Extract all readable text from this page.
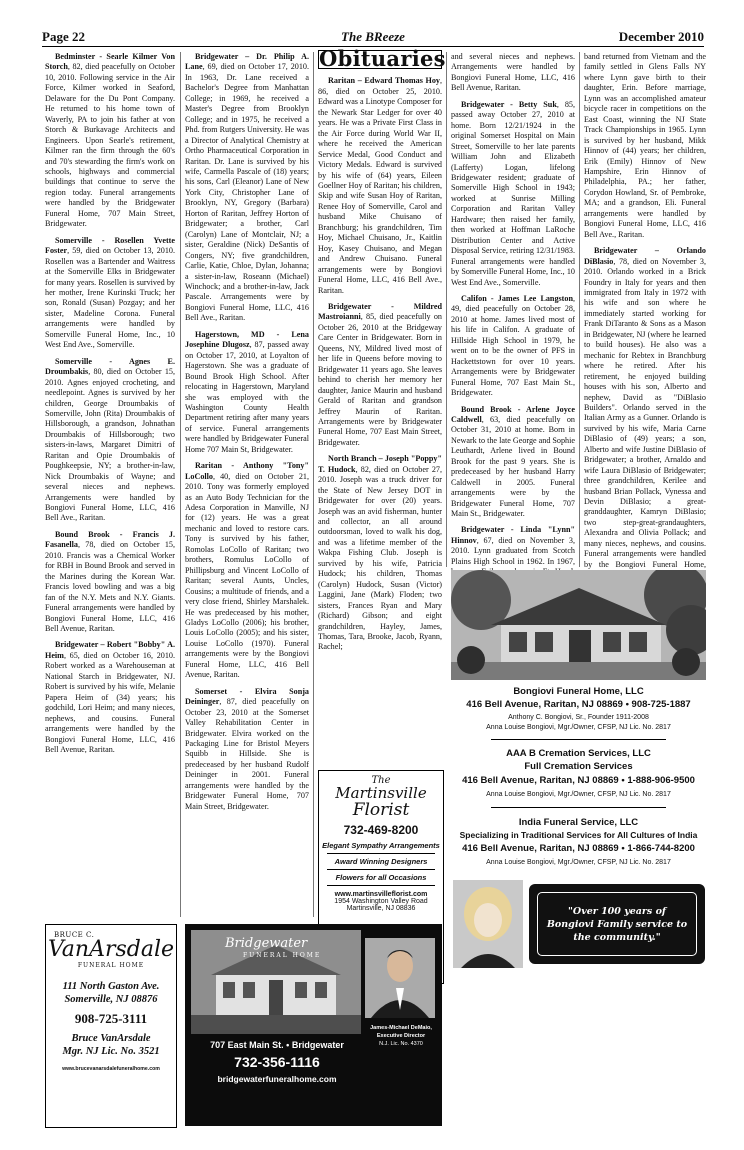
Page 22	The BReeze	December 2010

Bedminster - Searle Kilmer Von Storch, 82, died peacefully on October 10, 2010. Following service in the Air Force, Kilmer worked in Seaford, Delaware for the Du Pont Company. He returned to his home town of Waverly, PA to join his father at von Storch & Burkavage Architects and Engineers. Upon Searle's retirement, Kilmer ran the firm through the 60's and 70's stewarding the firm's work on schools, highways and commercial buildings that continue to serve the region today. Funeral arrangements were handled by the Bridgewater Funeral Home, 707 Main Street, Bridgewater.

Somerville - Rosellen Yvette Foster, 59, died on October 13, 2010. Rosellen was a Bartender and Waitress at the Somerville Elks in Bridgewater for many years. Rosellen is survived by her mother, Irene Kurinski Truck; her son, Ronald (Susan) Pozgay; and her sister, Madeline Corona. Funeral arrangements were handled by Somerville Funeral Home, Inc., 10 West End Ave., Somerville.

Somerville - Agnes E. Droumbakis, 80, died on October 15, 2010. Agnes enjoyed crocheting, and needlepoint. Agnes is survived by her children, George Droumbakis of Somerville, John (Rita) Droumbakis of Hillsborough, a grandson, Johnathan Droumbakis of Hillsborough; two sisters-in-laws, Margaret Dimitri of Raritan and Opie Droumbakis of Poughkeepsie, NY; a brother-in-law, Nick Droumbakis of Wayne; and several nieces and nephews. Arrangements were handled by Bongiovi Funeral Home, LLC, 416 Bell Ave., Raritan.

Bound Brook - Francis J. Fasanella, 78, died on October 15, 2010. Francis was a Chemical Worker for RBH in Bound Brook and served in the Marines during the Korean War. Francis loved bowling and was a big fan of the N.Y. Mets and N.Y. Giants. Funeral arrangements were handled by Bongiovi Funeral Home, LLC, 416 Bell Avenue, Raritan.

Bridgewater – Robert "Bobby" A. Heim, 65, died on October 16, 2010. Robert worked as a Warehouseman at National Starch in Bridgewater, NJ. Robert is survived by his wife, Melanie Papera Heim of (34) years; his godchild, Lori Heim; and many nieces, nephews, and cousins. Funeral arrangements were handled by the Bongiovi Funeral Home, LLC, 416 Bell Avenue, Raritan.

Bridgewater – Dr. Philip A. Lane, 69, died on October 17, 2010. In 1963, Dr. Lane received a Bachelor's Degree from Manhattan College; in 1969, he received a Master's Degree from Brooklyn College; and in 1975, he received a Phd. from Rutgers University. He was a Director of Analytical Chemistry at Ortho Pharmaceutical Corporation in Raritan. Dr. Lane is survived by his wife, Carmella Pascale of (18) years; his sons, Carl (Eleanor) Lane of New York City, Christopher Lane of Brooklyn, NY, Gregory (Barbara) Horton of Raritan, Jeffrey Horton of Bridgewater; a brother, Carl (Carolyn) Lane of Montclair, NJ; a sister, Geraldine (Nick) DeSantis of Congers, NY; five grandchildren, Carlie, Katie, Chloe, Dylan, Johanna; a sister-in-law, Roseann (Michael) Winchock; and a brother-in-law, Jack Pascale. Arrangements were by Bongiovi Funeral Home, LLC, 416 Bell Ave., Raritan.

Hagerstown, MD - Lena Josephine Dlugosz, 87, passed away on October 17, 2010, at Loyalton of Hagerstown. She was a graduate of Bound Brook High School. After relocating in Hagerstown, Maryland she was employed with the Washington County Health Department retiring after many years of service. Funeral arrangements were handled by Bridgewater Funeral Home 707 Main St, Bridgewater.

Raritan - Anthony "Tony" LoCollo, 40, died on October 21, 2010. Tony was formerly employed as an Auto Body Technician for the Adesa Corporation in Manville, NJ for (12) years. He was a great mechanic and loved to restore cars. Tony is survived by his father, Romolas LoCollo of Raritan; two brothers, Romulus LoCollo of Phillipsburg and Vincent LoCollo of Raritan; several Aunts, Uncles, Cousins; a multitude of friends, and a very close friend, Shirley Marshalek. He was predeceased by his mother, Gladys LoCollo (2006); his brother, Louis LoCollo (2005); and his sister, Louise LoCollo (1970). Funeral arrangements were by the Bongiovi Funeral Home, LLC, 416 Bell Avenue, Raritan.

Somerset - Elvira Sonja Deininger, 87, died peacefully on October 23, 2010 at the Somerset Valley Rehabilitation Center in Bridgewater. Elvira worked on the Packaging Line for Bristol Meyers Squibb in Hillside. She is predeceased by her husband Rudolf Deininger in 2001. Funeral arrangements were handled by the Bridgewater Funeral Home, 707 Main Street, Bridgewater.

Obituaries

Raritan – Edward Thomas Hoy, 86, died on October 25, 2010. Edward was a Linotype Composer for the Newark Star Ledger for over 40 years. He was a Private First Class in the Air Force during World War II, where he received the American Service Medal, Good Conduct and Victory Medals. Edward is survived by his wife of (64) years, Eileen Goellner Hoy of Raritan; his children, Skip and wife Susan Hoy of Raritan, Renee Hoy of Somerville, Carol and husband Mike Chuisano of Branchburg; his grandchildren, Tim Hoy, Michael Chuisano, Jr., Kaitlin Hoy, Kasey Chuisano, and Megan and Andrew Chuisano. Funeral arrangements were by Bongiovi Funeral Home, LLC, 416 Bell Ave., Raritan.

Bridgewater - Mildred Mastroianni, 85, died peacefully on October 26, 2010 at the Bridgeway Care Center in Bridgewater. Born in Queens, NY, Mildred lived most of her life in Queens before moving to Bridgewater 11 years ago. She leaves behind to cherish her memory her daughter, Janice Maurin and husband Gerald of Raritan and grandson Jeffrey Maurin of Raritan. Arrangements were by Bridgewater Funeral Home, 707 East Main Street, Bridgewater.

North Branch – Joseph "Poppy" T. Hudock, 82, died on October 27, 2010. Joseph was a truck driver for the State of New Jersey DOT in Bridgewater for over (20) years. Joseph was an avid fisherman, hunter and collector, an all around outdoorsman, loved to walk his dog, and was a lifetime member of the Wakpa Fishing Club. Joseph is survived by his wife, Patricia Hudock; his children, Thomas (Carolyn) Hudock, Susan (Victor) Laggini, Jane (Mark) Floden; two sisters, Frances Ryan and Mary (Richard) Gibson; and eight grandchildren, Hayley, James, Thomas, Tara, Brooke, Jacob, Ryann, Rachel;

and several nieces and nephews. Arrangements were handled by Bongiovi Funeral Home, LLC, 416 Bell Avenue, Raritan.

Bridgewater - Betty Suk, 85, passed away October 27, 2010 at home. Born 12/21/1924 in the original Somerset Hospital on Main Street, Somerville to her late parents William John and Elizabeth (Lafferty) Logan, lifelong Bridgewater resident; graduate of Somerville High School in 1943; worked at Sunrise Milling Corporation and Raritan Valley Hardware; then raised her family, then worked at Hoffman LaRoche Distribution Center and Active Disposal Service, retiring 12/31/1983. Funeral arrangements were handled by Somerville Funeral Home, Inc., 10 West End Ave., Somerville.

Califon - James Lee Langston, 49, died peacefully on October 28, 2010 at home. James lived most of his life in Califon. A graduate of Hillside High School in 1979, he went on to be the owner of PFS in Hackettstown for over 10 years. Arrangements were by Bridgewater Funeral Home, 707 East Main St., Bridgewater.

Bound Brook - Arlene Joyce Caldwell, 63, died peacefully on October 31, 2010 at home. Born in Newark to the late George and Sophie Leuthardt, Arlene lived in Bound Brook for the past 9 years. She is predeceased by her husband Harry Caldwell in 2005. Funeral arrangements were by the Bridgewater Funeral Home, 707 Main St., Bridgewater.

Bridgewater - Linda "Lynn" Hinnov, 67, died on November 3, 2010. Lynn graduated from Scotch Plains High School in 1962. In 1967,

band returned from Vietnam and the family settled in Glens Falls NY where Lynn gave birth to their daughter, Erin. Before marriage, Lynn was an accomplished amateur bicycle racer in competitions on the East Coast, winning the NJ State Track Championships in 1965. Lynn is survived by her husband, Mikk Hinnov of (44) years; her children, Erik (Emily) Hinnov of New Hampshire, Erin Hinnov of Philadelphia, PA.; her father, Corydon Howland, Sr. of Pembroke, MA; and a grandson, Eli. Funeral arrangements were handled by Bongiovi Funeral Home, LLC, 416 Bell Ave., Raritan.

Bridgewater – Orlando DiBlasio, 78, died on November 3, 2010. Orlando worked in a Brick Foundry in Italy for years and then immigrated from Italy in 1972 with his wife and son where he immediately started working for Frank DiTaranto & Sons as a Mason in Bridgewater, NJ (where he learned to build houses). He also was a mechanic for Rebtex in Branchburg where he retired. After his retirement, he enjoyed building houses with his son, Alberto and nephew, David as "DiBlasio Builders". Orlando served in the Italian Army as a Gunner. Orlando is survived by his wife, Maria Carne DiBlasio of (49) years; a son, Alberto and wife Justine DiBlasio of Bridgewater; a brother, Arnaldo and wife Laura DiBlasio of Bridgewater; three grandchildren, Kerilee and husband Brian Pollack, Vynessa and Devin DiBlasio; a great-granddaughter, Kamryn DiBlasio; two step-great-grandaughters, Alexandra and Olivia Pollack; and many nieces, nephews, and cousins. Funeral arrangements were handled by the Bongiovi Funeral Home,

The
Martinsville
Florist
732-469-8200
Elegant Sympathy Arrangements
Award Winning Designers
Flowers for all Occasions
www.martinsvilleflorist.com
1954 Washington Valley Road
Martinsville, NJ 08836
Bongiovi Funeral Home, LLC
416 Bell Avenue, Raritan, NJ 08869 • 908-725-1887
Anthony C. Bongiovi, Sr., Founder 1911-2008
Anna Louise Bongiovi, Mgr./Owner, CFSP, NJ Lic. No. 2817
AAA B Cremation Services, LLC
Full Cremation Services
416 Bell Avenue, Raritan, NJ 08869 • 1-888-906-9500
Anna Louise Bongiovi, Mgr./Owner, CFSP, NJ Lic. No. 2817
India Funeral Service, LLC
Specializing in Traditional Services for All Cultures of India
416 Bell Avenue, Raritan, NJ 08869 • 1-866-744-8200
Anna Louise Bongiovi, Mgr./Owner, CFSP, NJ Lic. No. 2817
"Over 100 years of Bongiovi Family service to the community."
BRUCE C.
VanArsdale
FUNERAL HOME
111 North Gaston Ave.
Somerville, NJ 08876
908-725-3111
Bruce VanArsdale
Mgr. NJ Lic. No. 3521
www.brucevanarsdalefuneralhome.com
Bridgewater
FUNERAL HOME
707 East Main St. • Bridgewater
732-356-1116
bridgewaterfuneralhome.com
James-Michael DeMaio,
Executive Director
N.J. Lic. No. 4370
